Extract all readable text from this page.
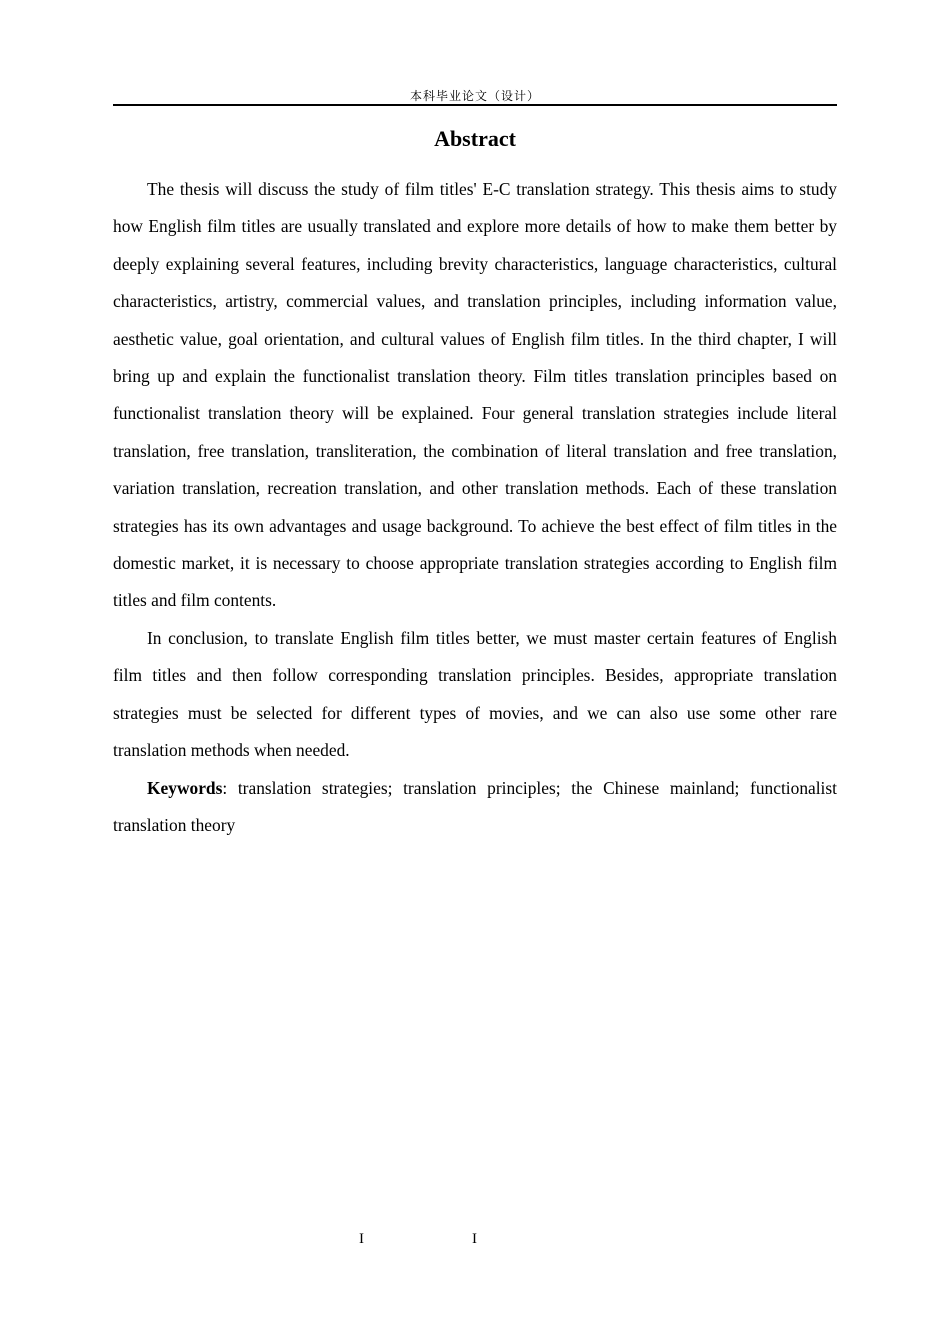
本科毕业论文（设计）
Abstract

The thesis will discuss the study of film titles' E-C translation strategy. This thesis aims to study how English film titles are usually translated and explore more details of how to make them better by deeply explaining several features, including brevity characteristics, language characteristics, cultural characteristics, artistry, commercial values, and translation principles, including information value, aesthetic value, goal orientation, and cultural values of English film titles. In the third chapter, I will bring up and explain the functionalist translation theory. Film titles translation principles based on functionalist translation theory will be explained. Four general translation strategies include literal translation, free translation, transliteration, the combination of literal translation and free translation, variation translation, recreation translation, and other translation methods. Each of these translation strategies has its own advantages and usage background. To achieve the best effect of film titles in the domestic market, it is necessary to choose appropriate translation strategies according to English film titles and film contents.

In conclusion, to translate English film titles better, we must master certain features of English film titles and then follow corresponding translation principles. Besides, appropriate translation strategies must be selected for different types of movies, and we can also use some other rare translation methods when needed.

Keywords: translation strategies; translation principles; the Chinese mainland; functionalist translation theory

I	I
